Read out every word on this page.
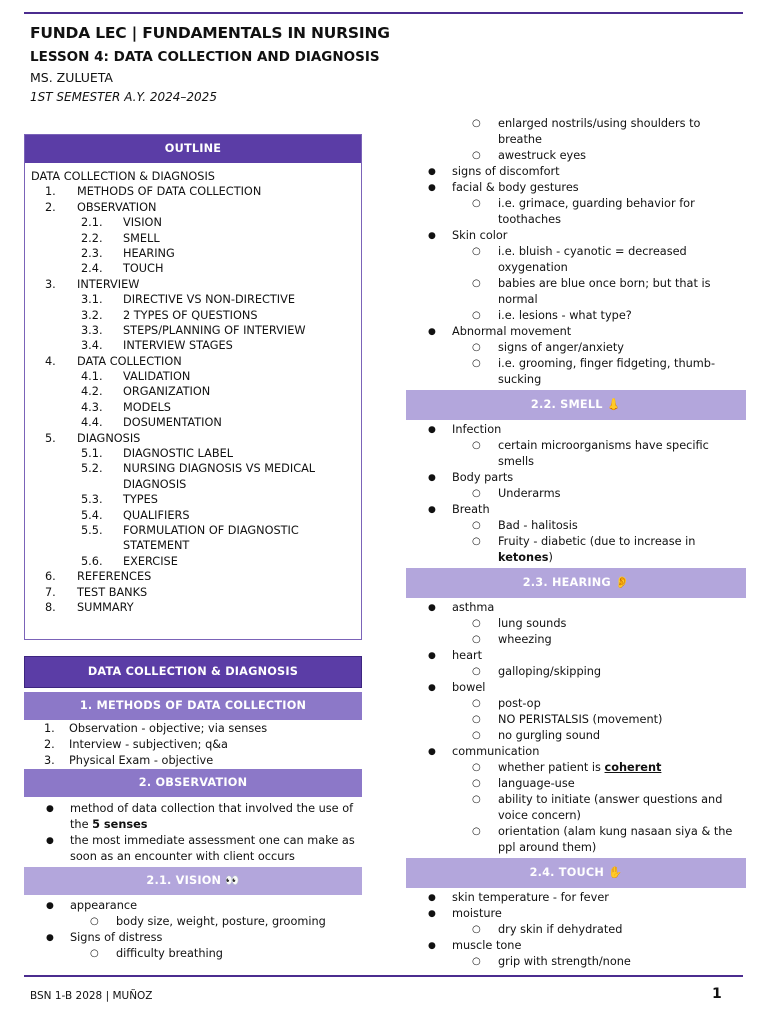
FUNDA LEC | FUNDAMENTALS IN NURSING
LESSON 4: DATA COLLECTION AND DIAGNOSIS
MS. ZULUETA
1ST SEMESTER A.Y. 2024–2025
OUTLINE
DATA COLLECTION & DIAGNOSIS
1.	METHODS OF DATA COLLECTION
2.	OBSERVATION
2.1.	VISION
2.2.	SMELL
2.3.	HEARING
2.4.	TOUCH
3.	INTERVIEW
3.1.	DIRECTIVE VS NON-DIRECTIVE
3.2.	2 TYPES OF QUESTIONS
3.3.	STEPS/PLANNING OF INTERVIEW
3.4.	INTERVIEW STAGES
4.	DATA COLLECTION
4.1.	VALIDATION
4.2.	ORGANIZATION
4.3.	MODELS
4.4.	DOSUMENTATION
5.	DIAGNOSIS
5.1.	DIAGNOSTIC LABEL
5.2.	NURSING DIAGNOSIS VS MEDICAL
DIAGNOSIS
5.3.	TYPES
5.4.	QUALIFIERS
5.5.	FORMULATION OF DIAGNOSTIC
STATEMENT
5.6.	EXERCISE
6.	REFERENCES
7.	TEST BANKS
8.	SUMMARY
DATA COLLECTION & DIAGNOSIS
1. METHODS OF DATA COLLECTION
1. Observation - objective; via senses
2. Interview - subjectiven; q&a
3. Physical Exam - objective
2. OBSERVATION
● method of data collection that involved the use of the 5 senses
● the most immediate assessment one can make as soon as an encounter with client occurs
2.1. VISION 👀
● appearance
○ body size, weight, posture, grooming
● Signs of distress
○ difficulty breathing
○ enlarged nostrils/using shoulders to breathe
○ awestruck eyes
● signs of discomfort
● facial & body gestures
○ i.e. grimace, guarding behavior for toothaches
● Skin color
○ i.e. bluish - cyanotic = decreased oxygenation
○ babies are blue once born; but that is normal
○ i.e. lesions - what type?
● Abnormal movement
○ signs of anger/anxiety
○ i.e. grooming, finger fidgeting, thumb-sucking
2.2. SMELL 👃
● Infection
○ certain microorganisms have specific smells
● Body parts
○ Underarms
● Breath
○ Bad - halitosis
○ Fruity - diabetic (due to increase in ketones)
2.3. HEARING 👂
● asthma
○ lung sounds
○ wheezing
● heart
○ galloping/skipping
● bowel
○ post-op
○ NO PERISTALSIS (movement)
○ no gurgling sound
● communication
○ whether patient is coherent
○ language-use
○ ability to initiate (answer questions and voice concern)
○ orientation (alam kung nasaan siya & the ppl around them)
2.4. TOUCH ✋
● skin temperature - for fever
● moisture
○ dry skin if dehydrated
● muscle tone
○ grip with strength/none
BSN 1-B 2028 | MUÑOZ	1
